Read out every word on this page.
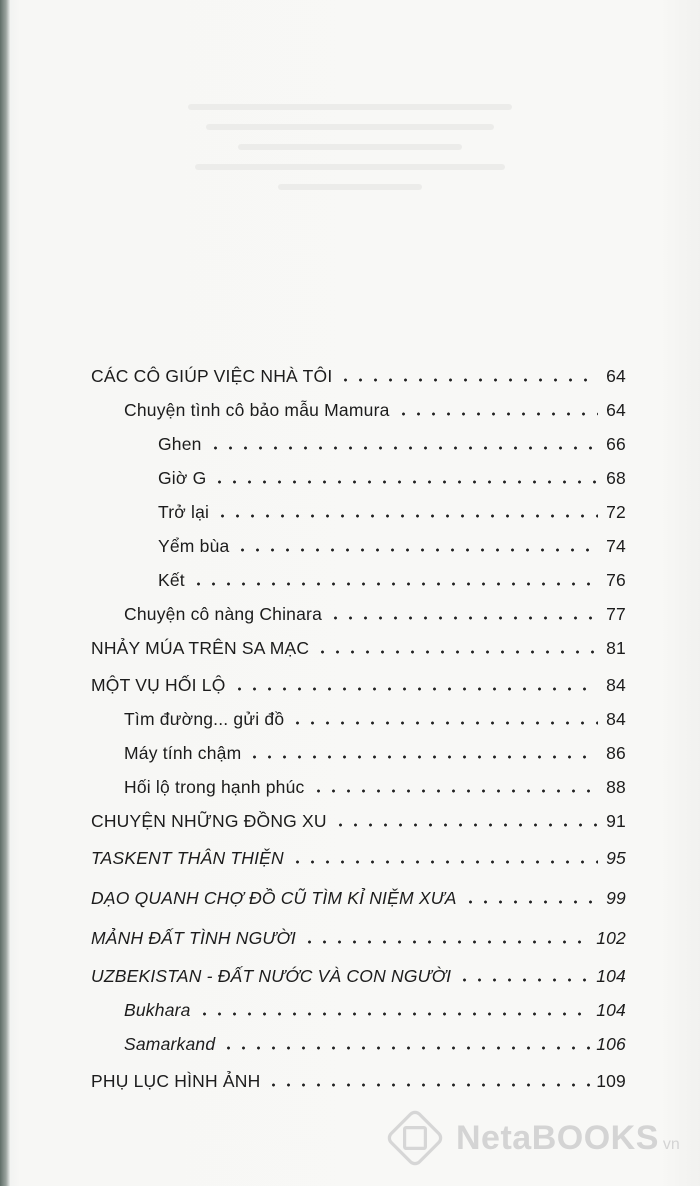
CÁC CÔ GIÚP VIỆC NHÀ TÔI	64
Chuyện tình cô bảo mẫu Mamura	64
Ghen	66
Giờ G	68
Trở lại	72
Yểm bùa	74
Kết	76
Chuyện cô nàng Chinara	77
NHẢY MÚA TRÊN SA MẠC	81
MỘT VỤ HỐI LỘ	84
Tìm đường... gửi đồ	84
Máy tính chậm	86
Hối lộ trong hạnh phúc	88
CHUYỆN NHỮNG ĐỒNG XU	91
TASKENT THÂN THIỆN	95
DẠO QUANH CHỢ ĐỒ CŨ TÌM KỈ NIỆM XƯA	99
MẢNH ĐẤT TÌNH NGƯỜI	102
UZBEKISTAN - ĐẤT NƯỚC VÀ CON NGƯỜI	104
Bukhara	104
Samarkand	106
PHỤ LỤC HÌNH ẢNH	109
NetaBOOKS vn
